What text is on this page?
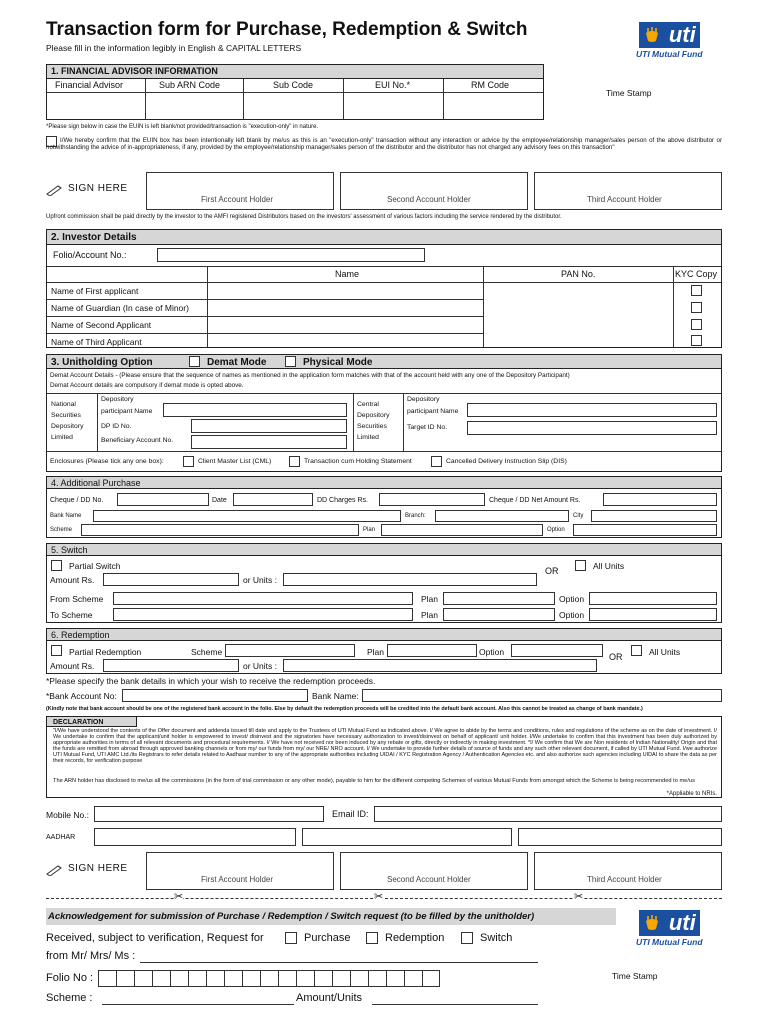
Transaction form for Purchase, Redemption & Switch
Please fill in the information legibly in English & CAPITAL LETTERS
uti
UTI Mutual Fund
1. FINANCIAL ADVISOR INFORMATION
Financial Advisor	Sub ARN Code	Sub Code	EUI No.*	RM Code
Time Stamp
*Please sign below in case the EUIN is left blank/not provided/transaction is "execution-only" in nature.
I/We hereby confirm that the EUIN box has been intentionally left blank by me/us as this is an "execution-only" transaction without any interaction or advice by the employee/relationship manager/sales person of the above distributor or notwithstanding the advice of in-appropriateness, if any, provided by the employee/relationship manager/sales person of the distributor and the distributor has not charged any advisory fees on this transaction"
SIGN HERE
First Account Holder	Second Account Holder	Third Account Holder
Upfront commission shall be paid directly by the investor to the AMFI registered Distributors based on the investors' assessment of various factors including the service rendered by the distributor.
2. Investor Details
Folio/Account No.:
Name	PAN No.	KYC Copy
Name of First applicant
Name of Guardian (In case of Minor)
Name of Second Applicant
Name of Third Applicant
3. Unitholding Option	Demat Mode	Physical Mode
Demat Account Details - (Please ensure that the sequence of names as mentioned in the application form matches with that of the account held with any one of the Depository Participant)
Demat Account details are compulsory if demat mode is opted above.
National
Securities
Depository
Limited
Depository
participant Name
DP ID No.
Beneficiary Account No.
Central
Depository
Securities
Limited
Depository
participant Name
Target ID No.
Enclosures (Please tick any one box):	Client Master List (CML)	Transaction cum Holding Statement	Cancelled Delivery Instruction Slip (DIS)
4. Additional Purchase
Cheque / DD No.	Date	DD Charges Rs.	Cheque / DD Net Amount Rs.
Bank Name	Branch:	City
Scheme	Plan	Option
5. Switch
Partial Switch	OR	All Units
Amount Rs.	or Units :
From Scheme	Plan	Option
To Scheme	Plan	Option
6. Redemption
Partial Redemption	Scheme	Plan	Option	OR	All Units
Amount Rs.	or Units :
*Please specify the bank details in which your wish to receive the redemption proceeds.
*Bank Account No:	Bank Name:
(Kindly note that bank account should be one of the registered bank account in the folio. Else by default the redemption proceeds will be credited into the default bank account. Also this cannot be treated as change of bank mandate.)
DECLARATION
"I/We have understood the contents of the Offer document and addenda issued till date and apply to the Trustees of UTI Mutual Fund as indicated above. I/ We agree to abide by the terms and conditions, rules and regulations of the scheme as on the date of investment. I/ We undertake to confirm that the applicant/unit holder is empowered to invest/ disinvest and the signatories have necessary authorization to invest/disinvest on behalf of applicant/ unit holder. I/We undertake to confirm that this investment has been duly authorized by appropriate authorities in terms of all relevant documents and procedural requirements. I/ We have not received nor been induced by any rebate or gifts, directly or indirectly in making investment. *I/ We confirm that We are Non residents of Indian Nationality/ Origin and that the funds are remitted from abroad through approved banking channels or from my/ our funds from my/ our NRE/ NRO account. I/ We undertake to provide further details of source of funds and any such other relevant document, if called by UTI Mutual Fund. I/we authorize UTI Mutual Fund, UTI AMC Ltd./its Registrars to refer details related to Aadhaar number to any of the appropriate authorities including UIDAI / KYC Registration Agency / Authentication Agencies etc. and also authorize such agencies including UIDAI to share the data as per their records, for verification purpose
The ARN holder has disclosed to me/us all the commissions (in the form of trial commission or any other mode), payable to him for the different competing Schemes of various Mutual Funds from amongst which the Scheme is being recommended to me/us
*Appliable to NRIs.
Mobile No.:	Email ID:
AADHAR
SIGN HERE
First Account Holder	Second Account Holder	Third Account Holder
✂	✂	✂
Acknowledgement for submission of Purchase / Redemption / Switch request (to be filled by the unitholder)	uti
UTI Mutual Fund
Received, subject to verification, Request for	Purchase	Redemption	Switch
from Mr/ Mrs/ Ms :
Folio No :	Time Stamp
Scheme :	Amount/Units
